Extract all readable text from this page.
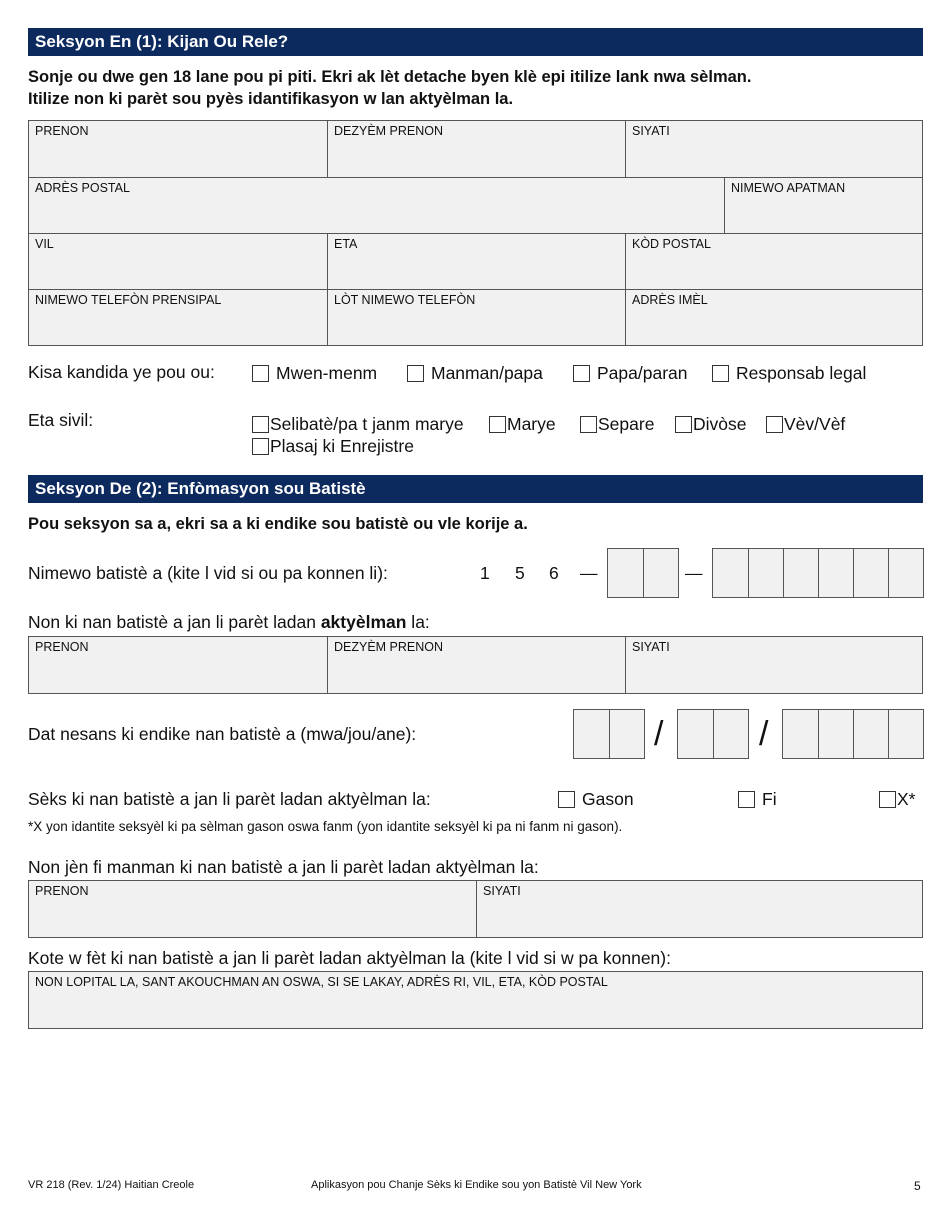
Seksyon En (1): Kijan Ou Rele?
Sonje ou dwe gen 18 lane pou pi piti. Ekri ak lèt detache byen klè epi itilize lank nwa sèlman.
Itilize non ki parèt sou pyès idantifikasyon w lan aktyèlman la.
PRENON	DEZYÈM PRENON	SIYATI
ADRÈS POSTAL	NIMEWO APATMAN
VIL	ETA	KÒD POSTAL
NIMEWO TELEFÒN PRENSIPAL	LÒT NIMEWO TELEFÒN	ADRÈS IMÈL
Kisa kandida ye pou ou:	Mwen-menm	Manman/papa	Papa/paran	Responsab legal
Eta sivil:	Selibatè/pa t janm marye Marye Separe Divòse Vèv/Vèf
Plasaj ki Enrejistre
Seksyon De (2): Enfòmasyon sou Batistè
Pou seksyon sa a, ekri sa a ki endike sou batistè ou vle korije a.
Nimewo batistè a (kite l vid si ou pa konnen li):	1 5 6 —	—
Non ki nan batistè a jan li parèt ladan aktyèlman la:
PRENON	DEZYÈM PRENON	SIYATI
Dat nesans ki endike nan batistè a (mwa/jou/ane):	/	/
Sèks ki nan batistè a jan li parèt ladan aktyèlman la:	Gason	Fi	X*
*X yon idantite seksyèl ki pa sèlman gason oswa fanm (yon idantite seksyèl ki pa ni fanm ni gason).
Non jèn fi manman ki nan batistè a jan li parèt ladan aktyèlman la:
PRENON	SIYATI
Kote w fèt ki nan batistè a jan li parèt ladan aktyèlman la (kite l vid si w pa konnen):
NON LOPITAL LA, SANT AKOUCHMAN AN OSWA, SI SE LAKAY, ADRÈS RI, VIL, ETA, KÒD POSTAL
VR 218 (Rev. 1/24) Haitian Creole	Aplikasyon pou Chanje Sèks ki Endike sou yon Batistè Vil New York	5
